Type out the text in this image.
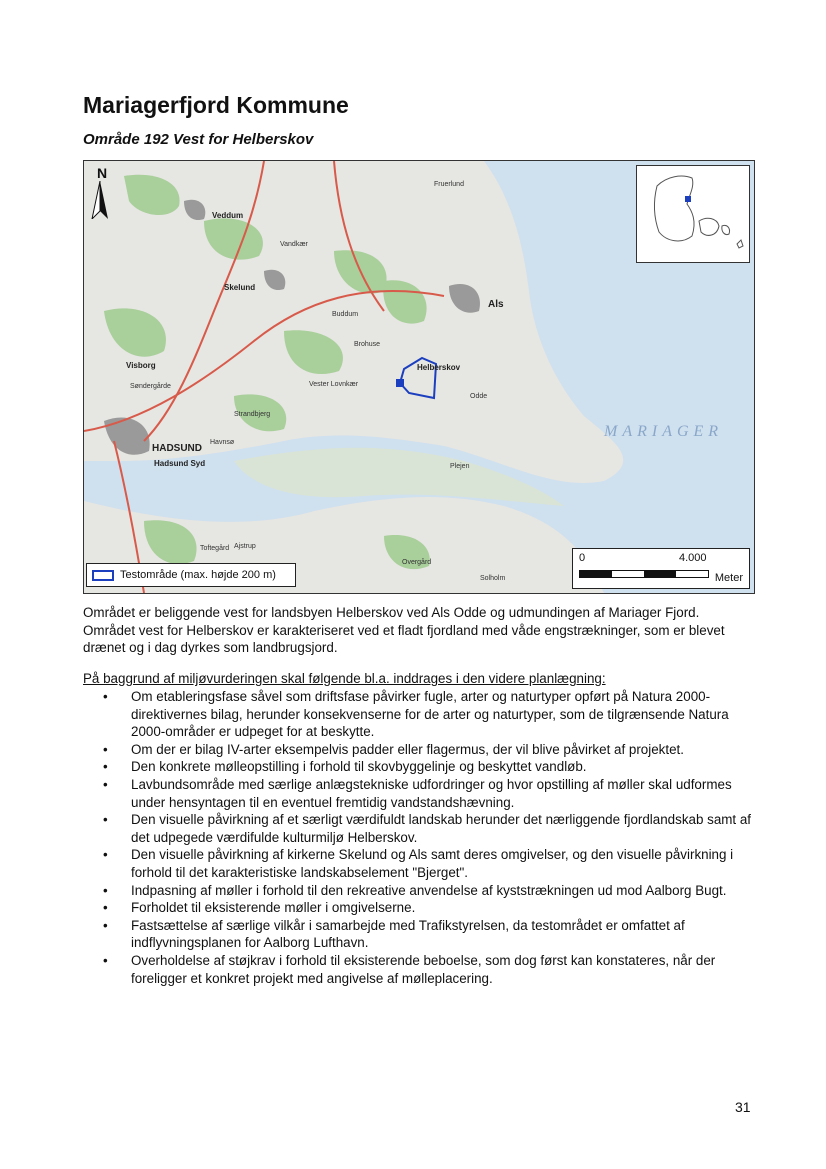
Mariagerfjord Kommune
Område 192 Vest for Helberskov
N
HADSUND
Hadsund Syd
Als
Skelund
Veddum
Helberskov
Vester Lovnkær
Visborg
MARIAGER
Fruerlund
Brohuse
Odde
Buddum
Plejen
Ajstrup
Havnsø
Solholm
Overgård
Toftegård
Søndergårde
Strandbjerg
Vandkær
Testområde (max. højde 200 m)
0	4.000
Meter

Området er beliggende vest for landsbyen Helberskov ved Als Odde og udmundingen af Mariager Fjord. Området vest for Helberskov er karakteriseret ved et fladt fjordland med våde engstrækninger, som er blevet drænet og i dag dyrkes som landbrugsjord.

På baggrund af miljøvurderingen skal følgende bl.a. inddrages i den videre planlægning:

• Om etableringsfase såvel som driftsfase påvirker fugle, arter og naturtyper opført på Natura 2000-direktivernes bilag, herunder konsekvenserne for de arter og naturtyper, som de tilgrænsende Natura 2000-områder er udpeget for at beskytte.
• Om der er bilag IV-arter eksempelvis padder eller flagermus, der vil blive påvirket af projektet.
• Den konkrete mølleopstilling i forhold til skovbyggelinje og beskyttet vandløb.
• Lavbundsområde med særlige anlægstekniske udfordringer og hvor opstilling af møller skal udformes under hensyntagen til en eventuel fremtidig vandstandshævning.
• Den visuelle påvirkning af et særligt værdifuldt landskab herunder det nærliggende fjordlandskab samt af det udpegede værdifulde kulturmiljø Helberskov.
• Den visuelle påvirkning af kirkerne Skelund og Als samt deres omgivelser, og den visuelle påvirkning i forhold til det karakteristiske landskabselement "Bjerget".
• Indpasning af møller i forhold til den rekreative anvendelse af kyststrækningen ud mod Aalborg Bugt.
• Forholdet til eksisterende møller i omgivelserne.
• Fastsættelse af særlige vilkår i samarbejde med Trafikstyrelsen, da testområdet er omfattet af indflyvningsplanen for Aalborg Lufthavn.
• Overholdelse af støjkrav i forhold til eksisterende beboelse, som dog først kan konstateres, når der foreligger et konkret projekt med angivelse af mølleplacering.
31
